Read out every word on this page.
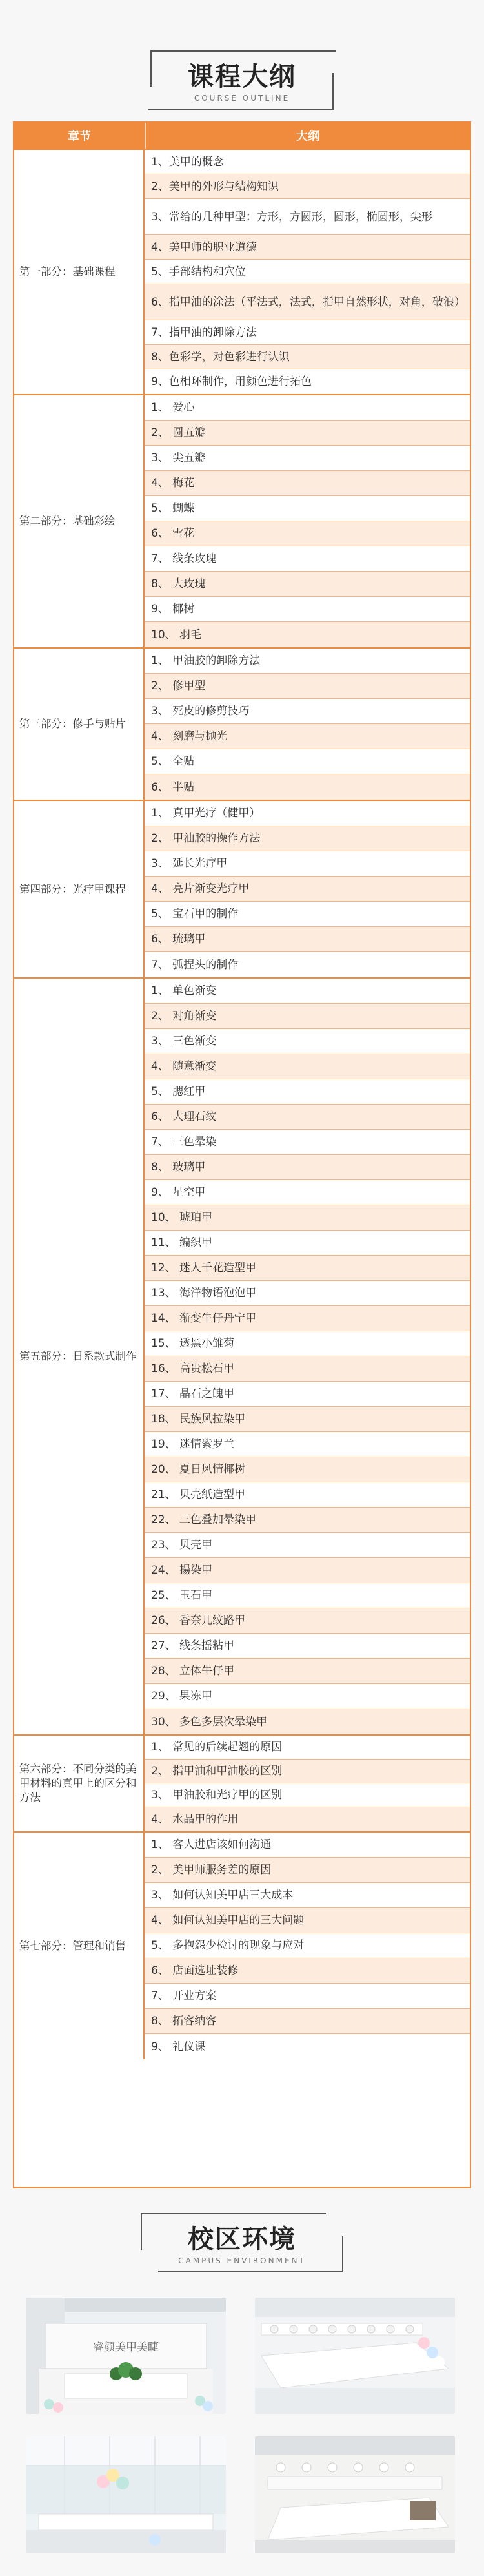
课程大纲
COURSE OUTLINE
章节	大纲
第一部分：基础课程
1、美甲的概念
2、美甲的外形与结构知识
3、常给的几种甲型：方形，方圆形，圆形，椭圆形，尖形
4、美甲师的职业道德
5、手部结构和穴位
6、指甲油的涂法（平法式，法式，指甲自然形状，对角，破浪）
7、指甲油的卸除方法
8、色彩学，对色彩进行认识
9、色相环制作，用颜色进行拓色
第二部分：基础彩绘
1、 爱心
2、 圆五瓣
3、 尖五瓣
4、 梅花
5、 蝴蝶
6、 雪花
7、 线条玫瑰
8、 大玫瑰
9、 椰树
10、 羽毛
第三部分：修手与贴片
1、 甲油胶的卸除方法
2、 修甲型
3、 死皮的修剪技巧
4、 刻磨与抛光
5、 全贴
6、 半贴
第四部分：光疗甲课程
1、 真甲光疗（健甲）
2、 甲油胶的操作方法
3、 延长光疗甲
4、 亮片渐变光疗甲
5、 宝石甲的制作
6、 琉璃甲
7、 弧捏头的制作
第五部分：日系款式制作
1、 单色渐变
2、 对角渐变
3、 三色渐变
4、 随意渐变
5、 腮红甲
6、 大理石纹
7、 三色晕染
8、 玻璃甲
9、 星空甲
10、 琥珀甲
11、 编织甲
12、 迷人千花造型甲
13、 海洋物语泡泡甲
14、 渐变牛仔丹宁甲
15、 透黑小雏菊
16、 高贵松石甲
17、 晶石之魄甲
18、 民族风拉染甲
19、 迷情紫罗兰
20、 夏日风情椰树
21、 贝壳纸造型甲
22、 三色叠加晕染甲
23、 贝壳甲
24、 揚染甲
25、 玉石甲
26、 香奈儿纹路甲
27、 线条摇粘甲
28、 立体牛仔甲
29、 果冻甲
30、 多色多层次晕染甲
第六部分：不同分类的美甲材料的真甲上的区分和方法
1、 常见的后续起翘的原因
2、 指甲油和甲油胶的区别
3、 甲油胶和光疗甲的区别
4、 水晶甲的作用
第七部分：管理和销售
1、 客人进店该如何沟通
2、 美甲师服务差的原因
3、 如何认知美甲店三大成本
4、 如何认知美甲店的三大问题
5、 多抱怨少检讨的现象与应对
6、 店面选址装修
7、 开业方案
8、 拓客纳客
9、 礼仪课
校区环境
CAMPUS ENVIRONMENT
睿颜美甲美睫
